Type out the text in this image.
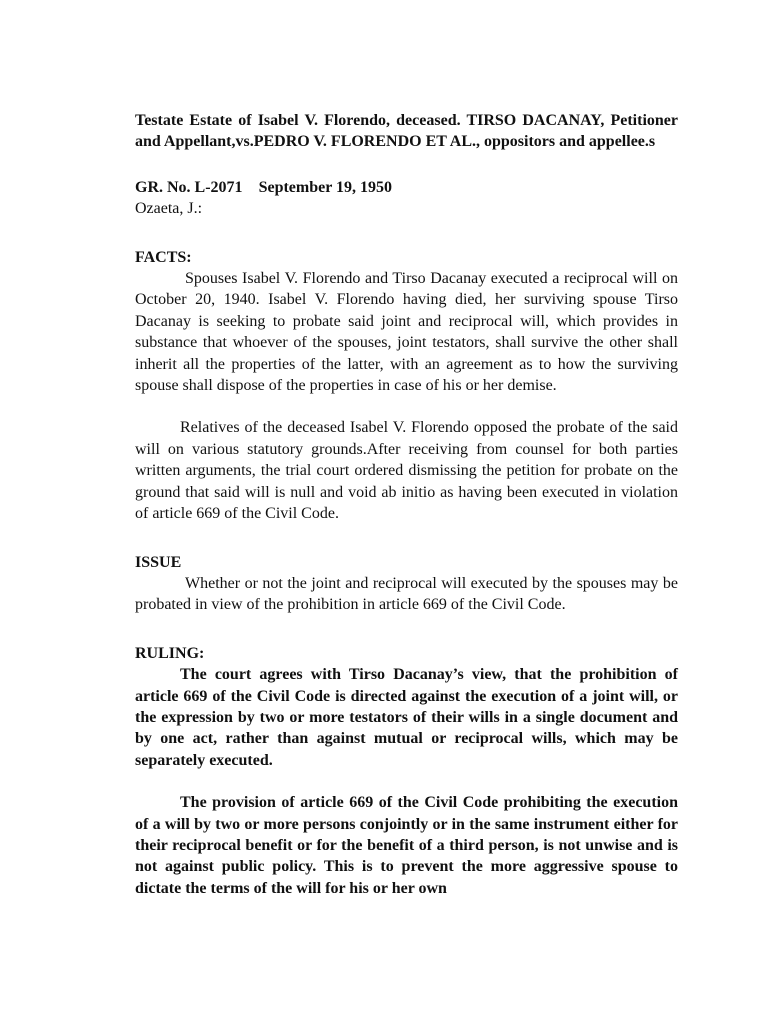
Testate Estate of Isabel V. Florendo, deceased. TIRSO DACANAY, Petitioner and Appellant,vs.PEDRO V. FLORENDO ET AL., oppositors and appellee.s

GR. No. L-2071 September 19, 1950

Ozaeta, J.:

FACTS:

Spouses Isabel V. Florendo and Tirso Dacanay executed a reciprocal will on October 20, 1940. Isabel V. Florendo having died, her surviving spouse Tirso Dacanay is seeking to probate said joint and reciprocal will, which provides in substance that whoever of the spouses, joint testators, shall survive the other shall inherit all the properties of the latter, with an agreement as to how the surviving spouse shall dispose of the properties in case of his or her demise.

Relatives of the deceased Isabel V. Florendo opposed the probate of the said will on various statutory grounds.After receiving from counsel for both parties written arguments, the trial court ordered dismissing the petition for probate on the ground that said will is null and void ab initio as having been executed in violation of article 669 of the Civil Code.

ISSUE

Whether or not the joint and reciprocal will executed by the spouses may be probated in view of the prohibition in article 669 of the Civil Code.

RULING:

The court agrees with Tirso Dacanay’s view, that the prohibition of article 669 of the Civil Code is directed against the execution of a joint will, or the expression by two or more testators of their wills in a single document and by one act, rather than against mutual or reciprocal wills, which may be separately executed.

The provision of article 669 of the Civil Code prohibiting the execution of a will by two or more persons conjointly or in the same instrument either for their reciprocal benefit or for the benefit of a third person, is not unwise and is not against public policy. This is to prevent the more aggressive spouse to dictate the terms of the will for his or her own
